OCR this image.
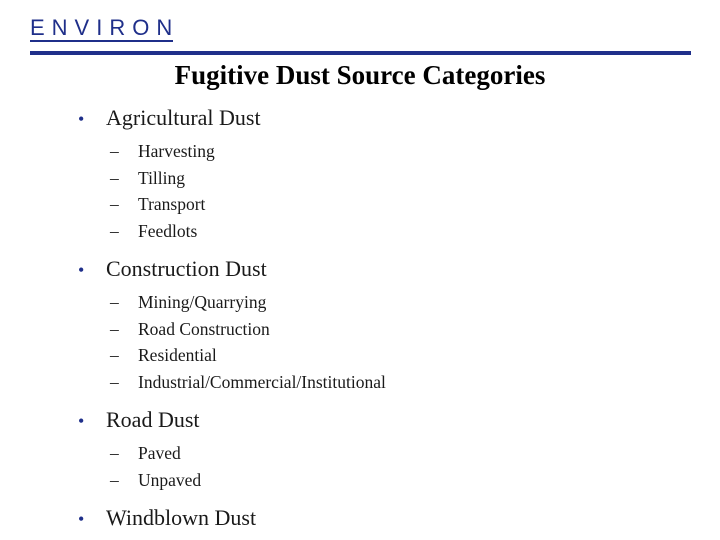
ENVIRON
Fugitive Dust Source Categories
• Agricultural Dust
–	Harvesting
–	Tilling
–	Transport
–	Feedlots
• Construction Dust
–	Mining/Quarrying
–	Road Construction
–	Residential
–	Industrial/Commercial/Institutional
• Road Dust
–	Paved
–	Unpaved
• Windblown Dust
